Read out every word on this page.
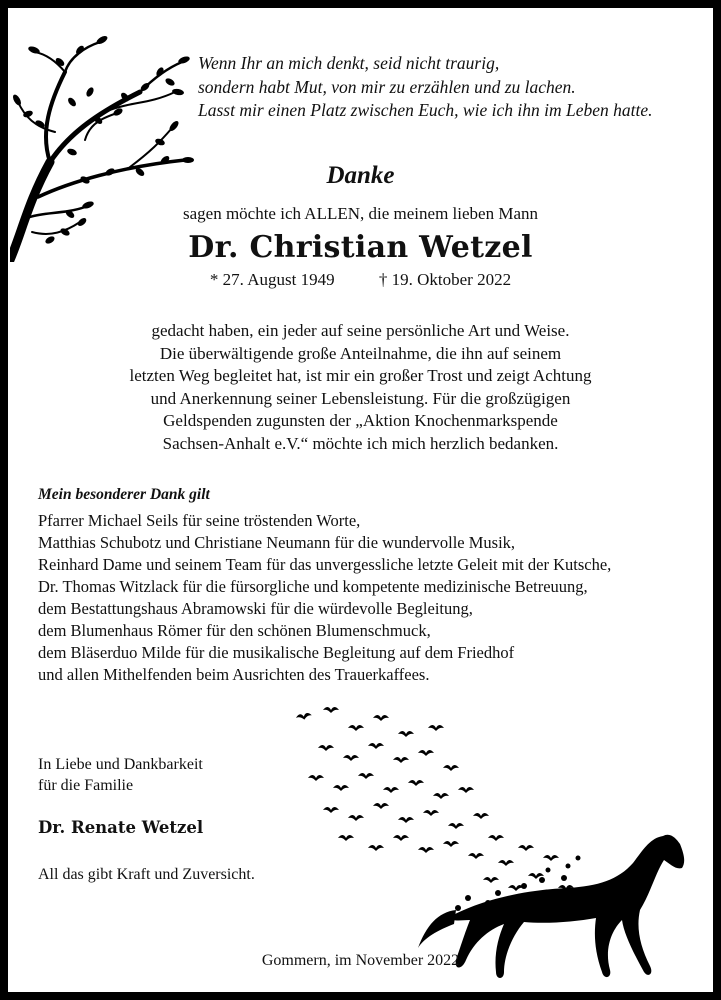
Wenn Ihr an mich denkt, seid nicht traurig,
sondern habt Mut, von mir zu erzählen und zu lachen.
Lasst mir einen Platz zwischen Euch, wie ich ihn im Leben hatte.
Danke
sagen möchte ich ALLEN, die meinem lieben Mann
Dr. Christian Wetzel
* 27. August 1949	† 19. Oktober 2022
gedacht haben, ein jeder auf seine persönliche Art und Weise.
Die überwältigende große Anteilnahme, die ihn auf seinem
letzten Weg begleitet hat, ist mir ein großer Trost und zeigt Achtung
und Anerkennung seiner Lebensleistung. Für die großzügigen
Geldspenden zugunsten der „Aktion Knochenmarkspende
Sachsen-Anhalt e.V.“ möchte ich mich herzlich bedanken.
Mein besonderer Dank gilt
Pfarrer Michael Seils für seine tröstenden Worte,
Matthias Schubotz und Christiane Neumann für die wundervolle Musik,
Reinhard Dame und seinem Team für das unvergessliche letzte Geleit mit der Kutsche,
Dr. Thomas Witzlack für die fürsorgliche und kompetente medizinische Betreuung,
dem Bestattungshaus Abramowski für die würdevolle Begleitung,
dem Blumenhaus Römer für den schönen Blumenschmuck,
dem Bläserduo Milde für die musikalische Begleitung auf dem Friedhof
und allen Mithelfenden beim Ausrichten des Trauerkaffees.
In Liebe und Dankbarkeit
für die Familie
Dr. Renate Wetzel
All das gibt Kraft und Zuversicht.
Gommern, im November 2022
